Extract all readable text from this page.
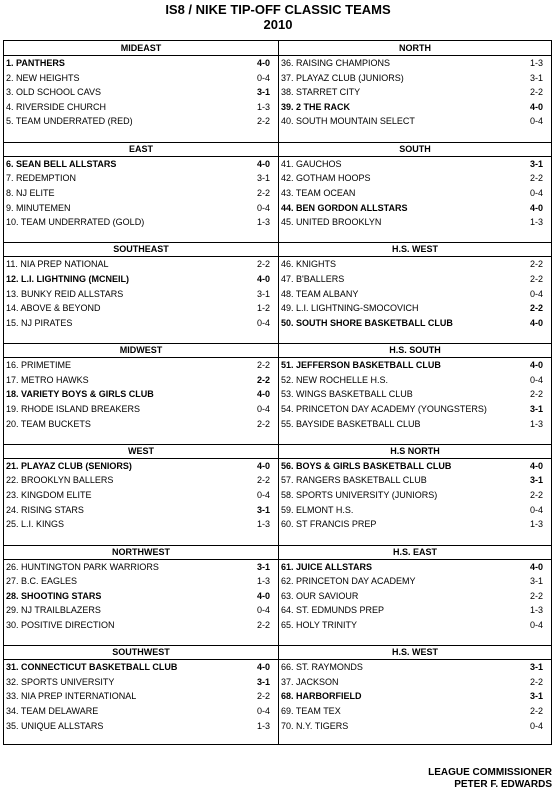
IS8 / NIKE TIP-OFF CLASSIC TEAMS
2010
MIDEAST
1. PANTHERS	4-0
2. NEW HEIGHTS	0-4
3. OLD SCHOOL CAVS	3-1
4. RIVERSIDE CHURCH	1-3
5. TEAM UNDERRATED (RED)	2-2
NORTH
36. RAISING CHAMPIONS	1-3
37. PLAYAZ CLUB (JUNIORS)	3-1
38. STARRET CITY	2-2
39. 2 THE RACK	4-0
40. SOUTH MOUNTAIN SELECT	0-4
EAST
6. SEAN BELL ALLSTARS	4-0
7. REDEMPTION	3-1
8. NJ ELITE	2-2
9. MINUTEMEN	0-4
10. TEAM UNDERRATED (GOLD)	1-3
SOUTH
41. GAUCHOS	3-1
42. GOTHAM HOOPS	2-2
43. TEAM OCEAN	0-4
44. BEN GORDON ALLSTARS	4-0
45. UNITED BROOKLYN	1-3
SOUTHEAST
11. NIA PREP NATIONAL	2-2
12. L.I. LIGHTNING (MCNEIL)	4-0
13. BUNKY REID ALLSTARS	3-1
14. ABOVE & BEYOND	1-2
15. NJ PIRATES	0-4
H.S. WEST
46. KNIGHTS	2-2
47. B'BALLERS	2-2
48. TEAM ALBANY	0-4
49. L.I. LIGHTNING-SMOCOVICH	2-2
50. SOUTH SHORE BASKETBALL CLUB	4-0
MIDWEST
16. PRIMETIME	2-2
17. METRO HAWKS	2-2
18. VARIETY BOYS & GIRLS CLUB	4-0
19. RHODE ISLAND BREAKERS	0-4
20. TEAM BUCKETS	2-2
H.S. SOUTH
51. JEFFERSON BASKETBALL CLUB	4-0
52. NEW ROCHELLE H.S.	0-4
53. WINGS BASKETBALL CLUB	2-2
54. PRINCETON DAY ACADEMY (YOUNGSTERS)	3-1
55. BAYSIDE BASKETBALL CLUB	1-3
WEST
21. PLAYAZ CLUB (SENIORS)	4-0
22. BROOKLYN BALLERS	2-2
23. KINGDOM ELITE	0-4
24. RISING STARS	3-1
25. L.I. KINGS	1-3
H.S NORTH
56. BOYS & GIRLS BASKETBALL CLUB	4-0
57. RANGERS BASKETBALL CLUB	3-1
58. SPORTS UNIVERSITY (JUNIORS)	2-2
59. ELMONT H.S.	0-4
60. ST FRANCIS PREP	1-3
NORTHWEST
26. HUNTINGTON PARK WARRIORS	3-1
27. B.C. EAGLES	1-3
28. SHOOTING STARS	4-0
29. NJ TRAILBLAZERS	0-4
30. POSITIVE DIRECTION	2-2
H.S. EAST
61. JUICE ALLSTARS	4-0
62. PRINCETON DAY ACADEMY	3-1
63. OUR SAVIOUR	2-2
64. ST. EDMUNDS PREP	1-3
65. HOLY TRINITY	0-4
SOUTHWEST
31. CONNECTICUT BASKETBALL CLUB	4-0
32. SPORTS UNIVERSITY	3-1
33. NIA PREP INTERNATIONAL	2-2
34. TEAM DELAWARE	0-4
35. UNIQUE ALLSTARS	1-3
H.S. WEST
66. ST. RAYMONDS	3-1
37. JACKSON	2-2
68. HARBORFIELD	3-1
69. TEAM TEX	2-2
70. N.Y. TIGERS	0-4
LEAGUE COMMISSIONER
PETER F. EDWARDS
